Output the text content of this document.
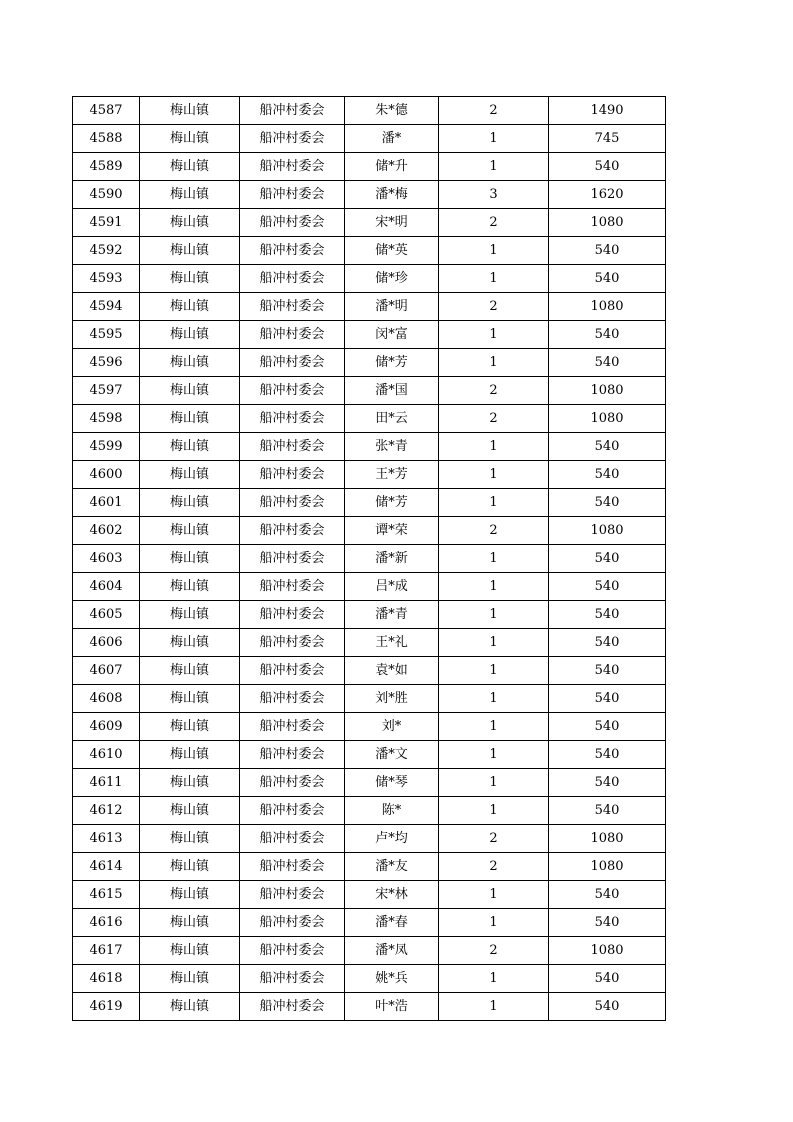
4587	梅山镇	船冲村委会	朱*德	2	1490
4588	梅山镇	船冲村委会	潘*	1	745
4589	梅山镇	船冲村委会	储*升	1	540
4590	梅山镇	船冲村委会	潘*梅	3	1620
4591	梅山镇	船冲村委会	宋*明	2	1080
4592	梅山镇	船冲村委会	储*英	1	540
4593	梅山镇	船冲村委会	储*珍	1	540
4594	梅山镇	船冲村委会	潘*明	2	1080
4595	梅山镇	船冲村委会	闵*富	1	540
4596	梅山镇	船冲村委会	储*芳	1	540
4597	梅山镇	船冲村委会	潘*国	2	1080
4598	梅山镇	船冲村委会	田*云	2	1080
4599	梅山镇	船冲村委会	张*青	1	540
4600	梅山镇	船冲村委会	王*芳	1	540
4601	梅山镇	船冲村委会	储*芳	1	540
4602	梅山镇	船冲村委会	谭*荣	2	1080
4603	梅山镇	船冲村委会	潘*新	1	540
4604	梅山镇	船冲村委会	吕*成	1	540
4605	梅山镇	船冲村委会	潘*青	1	540
4606	梅山镇	船冲村委会	王*礼	1	540
4607	梅山镇	船冲村委会	袁*如	1	540
4608	梅山镇	船冲村委会	刘*胜	1	540
4609	梅山镇	船冲村委会	刘*	1	540
4610	梅山镇	船冲村委会	潘*文	1	540
4611	梅山镇	船冲村委会	储*琴	1	540
4612	梅山镇	船冲村委会	陈*	1	540
4613	梅山镇	船冲村委会	卢*均	2	1080
4614	梅山镇	船冲村委会	潘*友	2	1080
4615	梅山镇	船冲村委会	宋*林	1	540
4616	梅山镇	船冲村委会	潘*春	1	540
4617	梅山镇	船冲村委会	潘*凤	2	1080
4618	梅山镇	船冲村委会	姚*兵	1	540
4619	梅山镇	船冲村委会	叶*浩	1	540
